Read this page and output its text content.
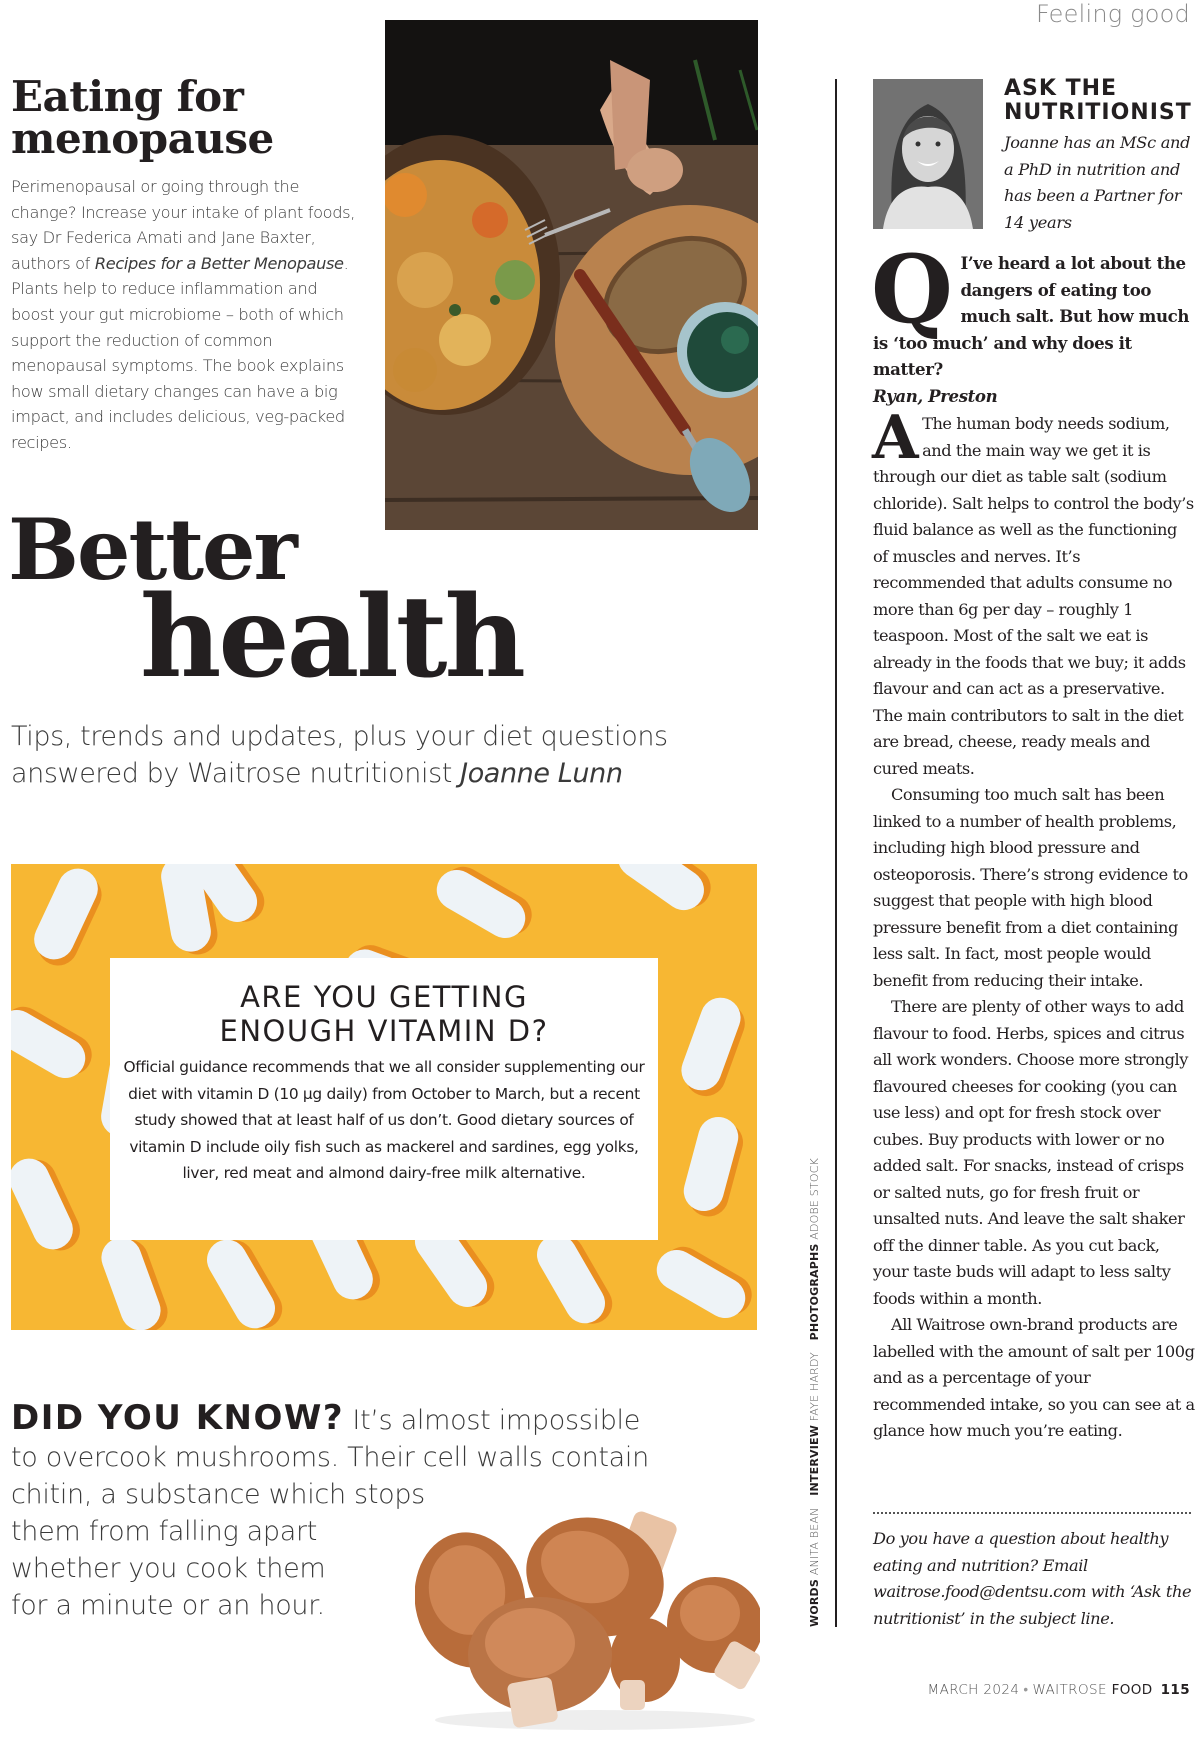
Feeling good
Eating for
menopause

Perimenopausal or going through the change? Increase your intake of plant foods, say Dr Federica Amati and Jane Baxter, authors of Recipes for a Better Menopause. Plants help to reduce inflammation and boost your gut microbiome – both of which support the reduction of common menopausal symptoms. The book explains how small dietary changes can have a big impact, and includes delicious, veg-packed recipes.

Better
health

Tips, trends and updates, plus your diet questions answered by Waitrose nutritionist Joanne Lunn

ARE YOU GETTING
ENOUGH VITAMIN D?

Official guidance recommends that we all consider supplementing our diet with vitamin D (10 µg daily) from October to March, but a recent study showed that at least half of us don’t. Good dietary sources of vitamin D include oily fish such as mackerel and sardines, egg yolks, liver, red meat and almond dairy-free milk alternative.

DID YOU KNOW? It’s almost impossible
to overcook mushrooms. Their cell walls contain
chitin, a substance which stops
them from falling apart
whether you cook them
for a minute or an hour.	WORDS ANITA BEAN INTERVIEW FAYE HARDY PHOTOGRAPHS ADOBE STOCK
ASK THE
NUTRITIONIST

Joanne has an MSc and a PhD in nutrition and has been a Partner for 14 years

Q I’ve heard a lot about the dangers of eating too much salt. But how much is ‘too much’ and why does it matter?
Ryan, Preston

A The human body needs sodium, and the main way we get it is through our diet as table salt (sodium chloride). Salt helps to control the body’s fluid balance as well as the functioning of muscles and nerves. It’s recommended that adults consume no more than 6g per day – roughly 1 teaspoon. Most of the salt we eat is already in the foods that we buy; it adds flavour and can act as a preservative. The main contributors to salt in the diet are bread, cheese, ready meals and cured meats.

Consuming too much salt has been linked to a number of health problems, including high blood pressure and osteoporosis. There’s strong evidence to suggest that people with high blood pressure benefit from a diet containing less salt. In fact, most people would benefit from reducing their intake.

There are plenty of other ways to add flavour to food. Herbs, spices and citrus all work wonders. Choose more strongly flavoured cheeses for cooking (you can use less) and opt for fresh stock over cubes. Buy products with lower or no added salt. For snacks, instead of crisps or salted nuts, go for fresh fruit or unsalted nuts. And leave the salt shaker off the dinner table. As you cut back, your taste buds will adapt to less salty foods within a month.

All Waitrose own-brand products are labelled with the amount of salt per 100g and as a percentage of your recommended intake, so you can see at a glance how much you’re eating.

Do you have a question about healthy eating and nutrition? Email waitrose.food@dentsu.com with ‘Ask the nutritionist’ in the subject line.

MARCH 2024 • WAITROSE FOOD 115
